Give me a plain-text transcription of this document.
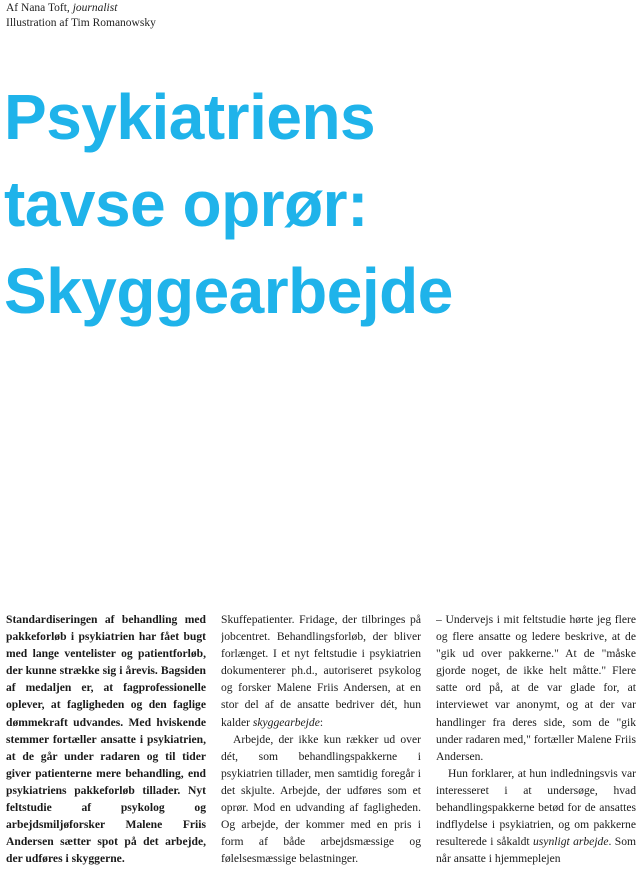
Af Nana Toft, journalist
Illustration af Tim Romanowsky
Psykiatriens
tavse oprør:
Skyggearbejde

Standardiseringen af behandling med pakkeforløb i psykiatrien har fået bugt med lange ventelister og patientforløb, der kunne strække sig i årevis. Bagsiden af medaljen er, at fagprofessionelle oplever, at fagligheden og den faglige dømmekraft udvandes. Med hviskende stemmer fortæller ansatte i psykiatrien, at de går under radaren og til tider giver patienterne mere behandling, end psykiatriens pakkeforløb tillader. Nyt feltstudie af psykolog og arbejdsmiljøforsker Malene Friis Andersen sætter spot på det arbejde, der udføres i skyggerne.

Skuffepatienter. Fridage, der tilbringes på jobcentret. Behandlingsforløb, der bliver forlænget. I et nyt feltstudie i psykiatrien dokumenterer ph.d., autoriseret psykolog og forsker Malene Friis Andersen, at en stor del af de ansatte bedriver dét, hun kalder skyggearbejde:

Arbejde, der ikke kun rækker ud over dét, som behandlingspakkerne i psykiatrien tillader, men samtidig foregår i det skjulte. Arbejde, der udføres som et oprør. Mod en udvanding af fagligheden. Og arbejde, der kommer med en pris i form af både arbejdsmæssige og følelsesmæssige belastninger.

– Undervejs i mit feltstudie hørte jeg flere og flere ansatte og ledere beskrive, at de "gik ud over pakkerne." At de "måske gjorde noget, de ikke helt måtte." Flere satte ord på, at de var glade for, at interviewet var anonymt, og at der var handlinger fra deres side, som de "gik under radaren med," fortæller Malene Friis Andersen.

Hun forklarer, at hun indledningsvis var interesseret i at undersøge, hvad behandlingspakkerne betød for de ansattes indflydelse i psykiatrien, og om pakkerne resulterede i såkaldt usynligt arbejde. Som når ansatte i hjemmeplejen
